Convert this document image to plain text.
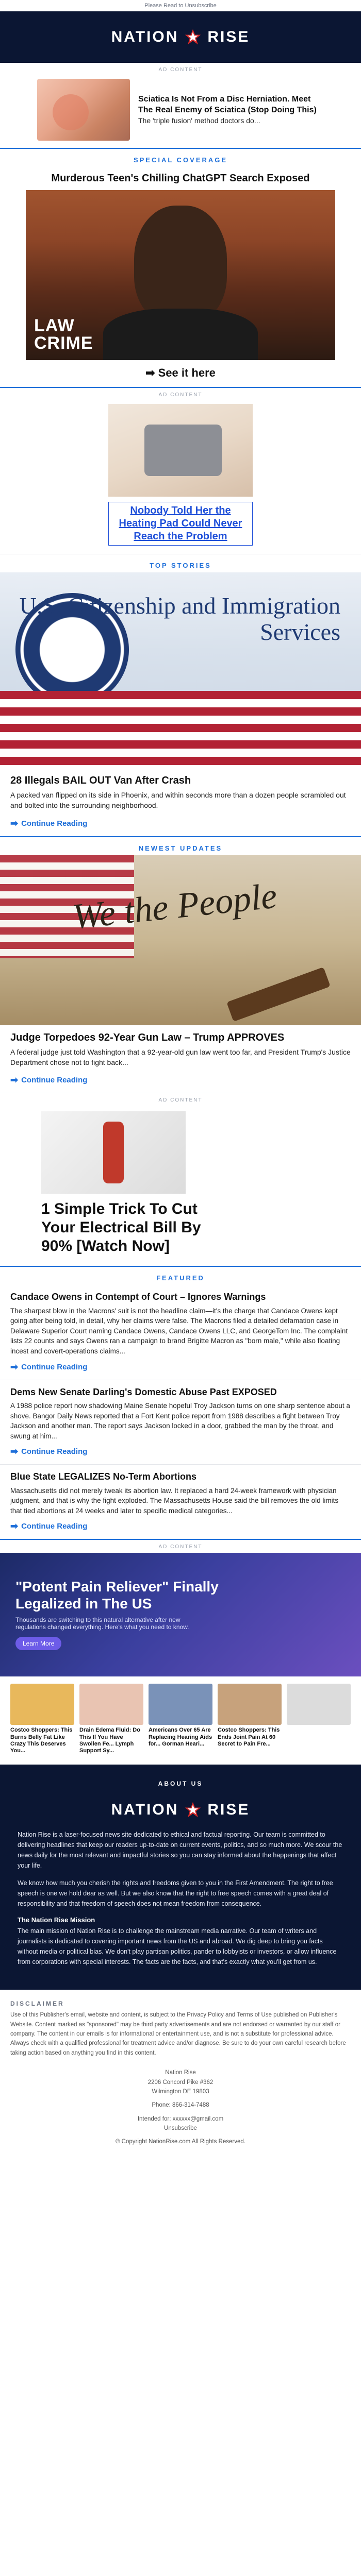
Please Read to Unsubscribe
NATION RISE
AD CONTENT
Sciatica Is Not From a Disc Herniation. Meet The Real Enemy of Sciatica (Stop Doing This)
The 'triple fusion' method doctors do...
SPECIAL COVERAGE
Murderous Teen's Chilling ChatGPT Search Exposed
LAW
CRIME
➡ See it here
AD CONTENT
Nobody Told Her the Heating Pad Could Never Reach the Problem
TOP STORIES
U.S. Citizenship and Immigration Services
28 Illegals BAIL OUT Van After Crash

A packed van flipped on its side in Phoenix, and within seconds more than a dozen people scrambled out and bolted into the surrounding neighborhood.

➡ Continue Reading
NEWEST UPDATES
We the People
Judge Torpedoes 92-Year Gun Law – Trump APPROVES

A federal judge just told Washington that a 92-year-old gun law went too far, and President Trump's Justice Department chose not to fight back...

➡ Continue Reading
AD CONTENT
1 Simple Trick To Cut Your Electrical Bill By 90% [Watch Now]
FEATURED
Candace Owens in Contempt of Court – Ignores Warnings

The sharpest blow in the Macrons' suit is not the headline claim—it's the charge that Candace Owens kept going after being told, in detail, why her claims were false. The Macrons filed a detailed defamation case in Delaware Superior Court naming Candace Owens, Candace Owens LLC, and GeorgeTom Inc. The complaint lists 22 counts and says Owens ran a campaign to brand Brigitte Macron as "born male," while also floating incest and covert-operations claims...

➡ Continue Reading
Dems New Senate Darling's Domestic Abuse Past EXPOSED

A 1988 police report now shadowing Maine Senate hopeful Troy Jackson turns on one sharp sentence about a shove. Bangor Daily News reported that a Fort Kent police report from 1988 describes a fight between Troy Jackson and another man. The report says Jackson locked in a door, grabbed the man by the throat, and swung at him...

➡ Continue Reading
Blue State LEGALIZES No-Term Abortions

Massachusetts did not merely tweak its abortion law. It replaced a hard 24-week framework with physician judgment, and that is why the fight exploded. The Massachusetts House said the bill removes the old limits that tied abortions at 24 weeks and later to specific medical categories...

➡ Continue Reading
AD CONTENT
"Potent Pain Reliever" Finally Legalized in The US

Thousands are switching to this natural alternative after new regulations changed everything. Here's what you need to know.

Learn More
Costco Shoppers: This Burns Belly Fat Like Crazy This Deserves You...
Drain Edema Fluid: Do This If You Have Swollen Fe... Lymph Support Sy...
Americans Over 65 Are Replacing Hearing Aids for... Gorman Heari...
Costco Shoppers: This Ends Joint Pain At 60 Secret to Pain Fre...
ABOUT US
NATION RISE

Nation Rise is a laser-focused news site dedicated to ethical and factual reporting. Our team is committed to delivering headlines that keep our readers up-to-date on current events, politics, and so much more. We scour the news daily for the most relevant and impactful stories so you can stay informed about the happenings that affect your life.

We know how much you cherish the rights and freedoms given to you in the First Amendment. The right to free speech is one we hold dear as well. But we also know that the right to free speech comes with a great deal of responsibility and that freedom of speech does not mean freedom from consequence.

The Nation Rise Mission

The main mission of Nation Rise is to challenge the mainstream media narrative. Our team of writers and journalists is dedicated to covering important news from the US and abroad. We dig deep to bring you facts without media or political bias. We don't play partisan politics, pander to lobbyists or investors, or allow influence from corporations with special interests. The facts are the facts, and that's exactly what you'll get from us.

DISCLAIMER

Use of this Publisher's email, website and content, is subject to the Privacy Policy and Terms of Use published on Publisher's Website. Content marked as "sponsored" may be third party advertisements and are not endorsed or warranted by our staff or company. The content in our emails is for informational or entertainment use, and is not a substitute for professional advice. Always check with a qualified professional for treatment advice and/or diagnose. Be sure to do your own careful research before taking action based on anything you find in this content.

Nation Rise
2206 Concord Pike #362
Wilmington DE 19803
Phone: 866-314-7488
Intended for: xxxxxx@gmail.com
Unsubscribe
© Copyright NationRise.com All Rights Reserved.
